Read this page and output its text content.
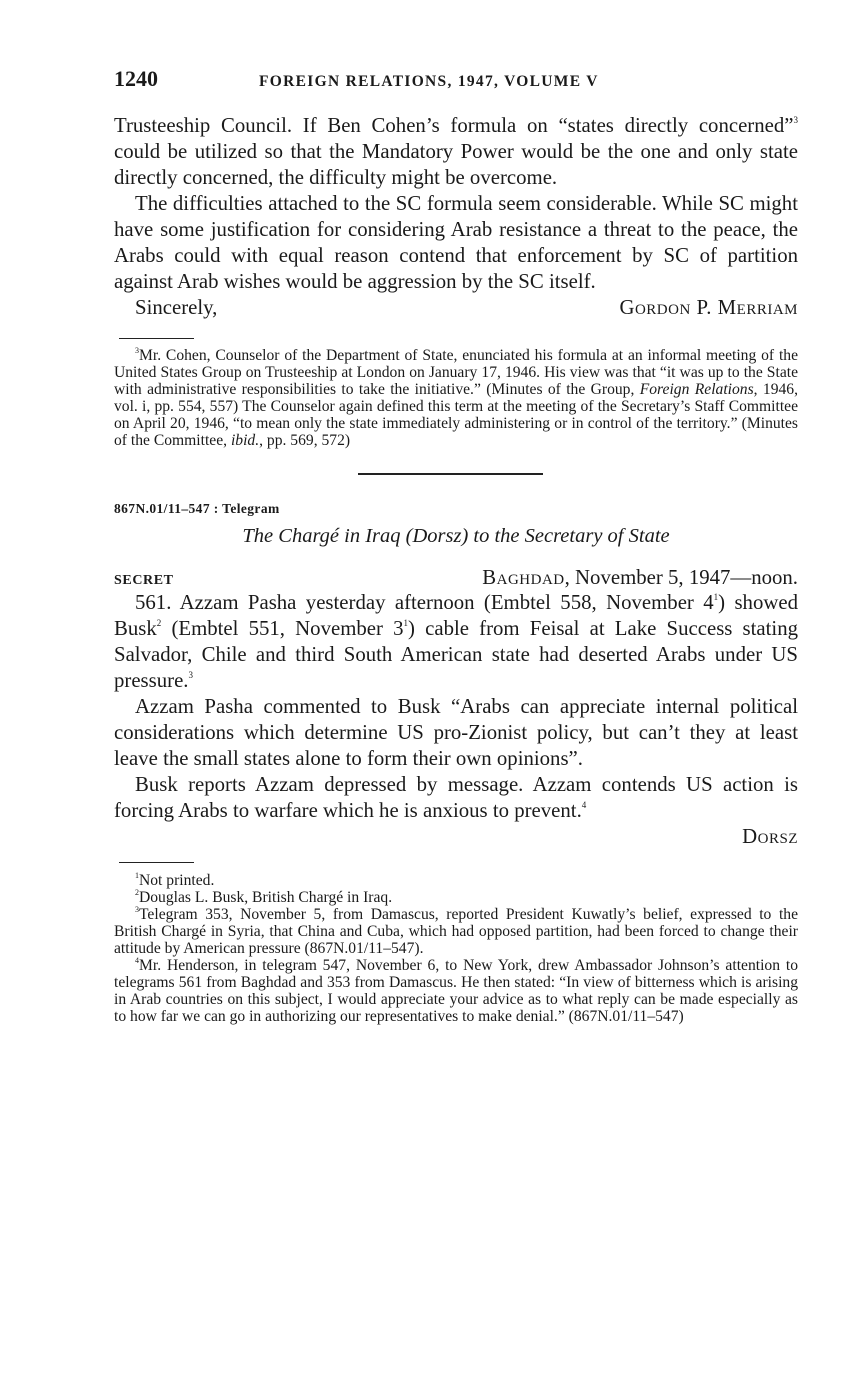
1240	FOREIGN RELATIONS, 1947, VOLUME V

Trusteeship Council. If Ben Cohen’s formula on “states directly concerned”$^3$ could be utilized so that the Mandatory Power would be the one and only state directly concerned, the difficulty might be overcome.

The difficulties attached to the SC formula seem considerable. While SC might have some justification for considering Arab resistance a threat to the peace, the Arabs could with equal reason contend that enforcement by SC of partition against Arab wishes would be aggression by the SC itself.

Sincerely,	Gordon P. Merriam

$^3$Mr. Cohen, Counselor of the Department of State, enunciated his formula at an informal meeting of the United States Group on Trusteeship at London on January 17, 1946. His view was that “it was up to the State with administrative responsibilities to take the initiative.” (Minutes of the Group, Foreign Relations, 1946, vol. i, pp. 554, 557) The Counselor again defined this term at the meeting of the Secretary’s Staff Committee on April 20, 1946, “to mean only the state immediately administering or in control of the territory.” (Minutes of the Committee, ibid., pp. 569, 572)

867N.01/11–547 : Telegram
The Chargé in Iraq (Dorsz) to the Secretary of State
SECRET	Baghdad, November 5, 1947—noon.

561. Azzam Pasha yesterday afternoon (Embtel 558, November $4^1$) showed Busk$^2$ (Embtel 551, November $3^1$) cable from Feisal at Lake Success stating Salvador, Chile and third South American state had deserted Arabs under US pressure.$^3$

Azzam Pasha commented to Busk “Arabs can appreciate internal political considerations which determine US pro-Zionist policy, but can’t they at least leave the small states alone to form their own opinions”.

Busk reports Azzam depressed by message. Azzam contends US action is forcing Arabs to warfare which he is anxious to prevent.$^4$

Dorsz

$^1$Not printed.

$^2$Douglas L. Busk, British Chargé in Iraq.

$^3$Telegram 353, November 5, from Damascus, reported President Kuwatly’s belief, expressed to the British Chargé in Syria, that China and Cuba, which had opposed partition, had been forced to change their attitude by American pressure (867N.01/11–547).

$^4$Mr. Henderson, in telegram 547, November 6, to New York, drew Ambassador Johnson’s attention to telegrams 561 from Baghdad and 353 from Damascus. He then stated: “In view of bitterness which is arising in Arab countries on this subject, I would appreciate your advice as to what reply can be made especially as to how far we can go in authorizing our representatives to make denial.” (867N.01/11–547)
